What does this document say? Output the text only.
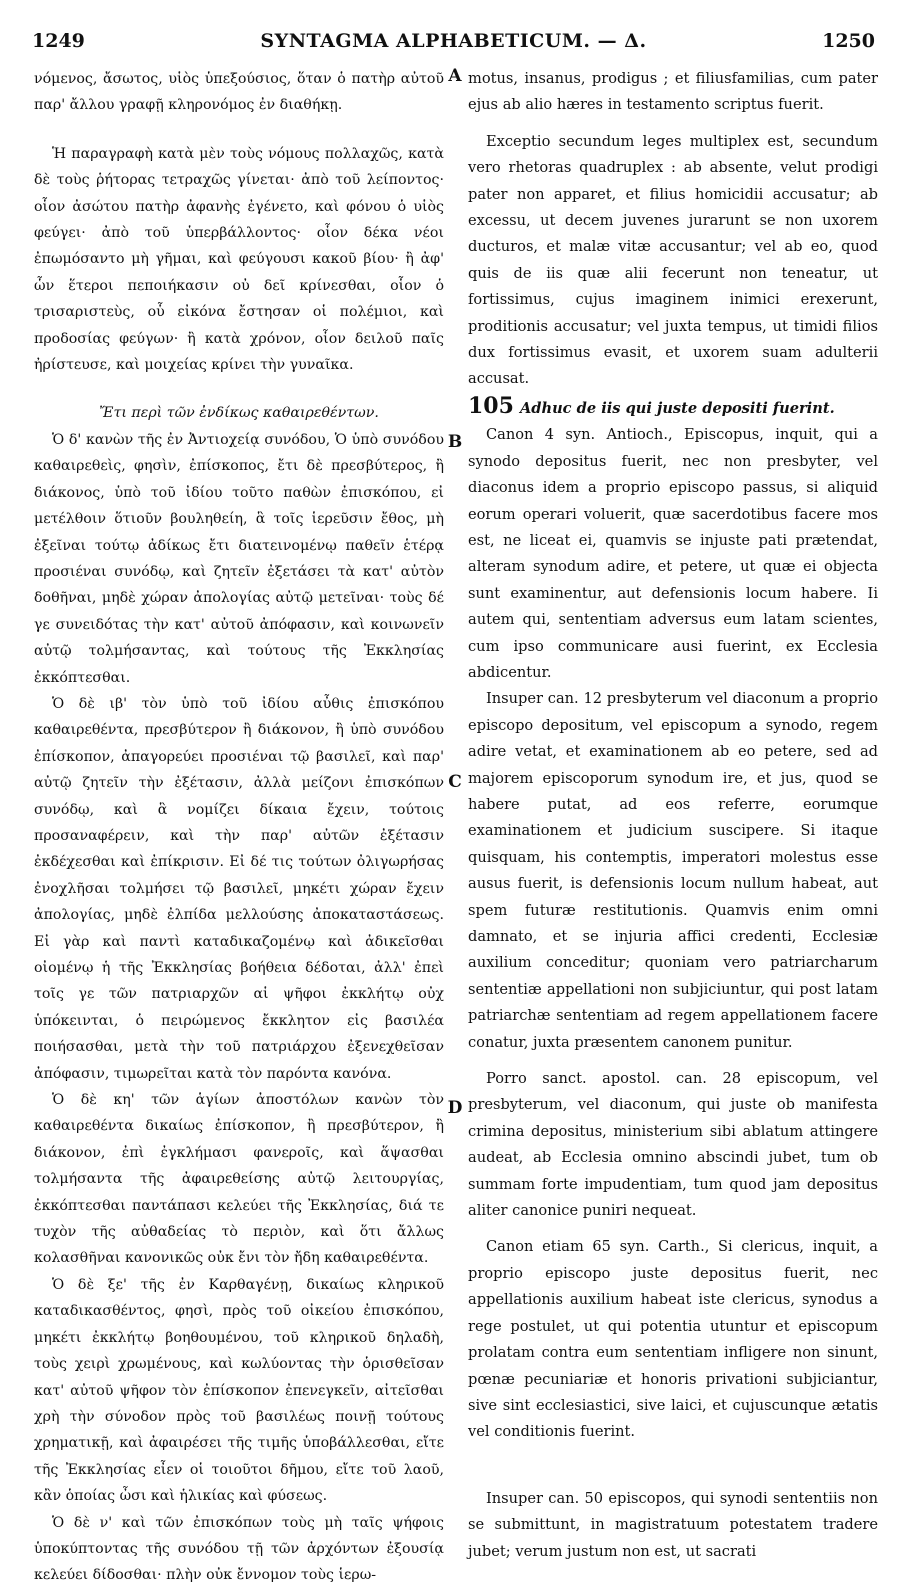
1249	SYNTAGMA ALPHABETICUM. — Δ.	1250
A
B
C
D

νόμενος, ἄσωτος, υἱὸς ὑπεξούσιος, ὅταν ὁ πατὴρ αὐτοῦ παρ' ἄλλου γραφῇ κληρονόμος ἐν διαθήκῃ.

Ἡ παραγραφὴ κατὰ μὲν τοὺς νόμους πολλαχῶς, κατὰ δὲ τοὺς ῥήτορας τετραχῶς γίνεται· ἀπὸ τοῦ λείποντος· οἷον ἀσώτου πατὴρ ἀφανὴς ἐγένετο, καὶ φόνου ὁ υἱὸς φεύγει· ἀπὸ τοῦ ὑπερβάλλοντος· οἷον δέκα νέοι ἐπωμόσαντο μὴ γῆμαι, καὶ φεύγουσι κακοῦ βίου· ἢ ἀφ' ὧν ἕτεροι πεποιήκασιν οὐ δεῖ κρίνεσθαι, οἷον ὁ τρισαριστεὺς, οὗ εἰκόνα ἔστησαν οἱ πολέμιοι, καὶ προδοσίας φεύγων· ἢ κατὰ χρόνον, οἷον δειλοῦ παῖς ἠρίστευσε, καὶ μοιχείας κρίνει τὴν γυναῖκα.

Ἔτι περὶ τῶν ἐνδίκως καθαιρεθέντων.

Ὁ δ' κανὼν τῆς ἐν Ἀντιοχείᾳ συνόδου, Ὁ ὑπὸ συνόδου καθαιρεθεὶς, φησὶν, ἐπίσκοπος, ἔτι δὲ πρεσβύτερος, ἢ διάκονος, ὑπὸ τοῦ ἰδίου τοῦτο παθὼν ἐπισκόπου, εἰ μετέλθοιν ὅτιοῦν βουληθείη, ἃ τοῖς ἱερεῦσιν ἔθος, μὴ ἐξεῖναι τούτῳ ἀδίκως ἔτι διατεινομένῳ παθεῖν ἑτέρᾳ προσιέναι συνόδῳ, καὶ ζητεῖν ἐξετάσει τὰ κατ' αὐτὸν δοθῆναι, μηδὲ χώραν ἀπολογίας αὐτῷ μετεῖναι· τοὺς δέ γε συνειδότας τὴν κατ' αὐτοῦ ἀπόφασιν, καὶ κοινωνεῖν αὐτῷ τολμήσαντας, καὶ τούτους τῆς Ἐκκλησίας ἐκκόπτεσθαι.

Ὁ δὲ ιβ' τὸν ὑπὸ τοῦ ἰδίου αὖθις ἐπισκόπου καθαιρεθέντα, πρεσβύτερον ἢ διάκονον, ἢ ὑπὸ συνόδου ἐπίσκοπον, ἀπαγορεύει προσιέναι τῷ βασιλεῖ, καὶ παρ' αὐτῷ ζητεῖν τὴν ἐξέτασιν, ἀλλὰ μείζονι ἐπισκόπων συνόδῳ, καὶ ἃ νομίζει δίκαια ἔχειν, τούτοις προσαναφέρειν, καὶ τὴν παρ' αὐτῶν ἐξέτασιν ἐκδέχεσθαι καὶ ἐπίκρισιν. Εἰ δέ τις τούτων ὀλιγωρήσας ἐνοχλῆσαι τολμήσει τῷ βασιλεῖ, μηκέτι χώραν ἔχειν ἀπολογίας, μηδὲ ἐλπίδα μελλούσης ἀποκαταστάσεως. Εἰ γὰρ καὶ παντὶ καταδικαζομένῳ καὶ ἀδικεῖσθαι οἰομένῳ ἡ τῆς Ἐκκλησίας βοήθεια δέδοται, ἀλλ' ἐπεὶ τοῖς γε τῶν πατριαρχῶν αἱ ψῆφοι ἐκκλήτῳ οὐχ ὑπόκεινται, ὁ πειρώμενος ἔκκλητον εἰς βασιλέα ποιήσασθαι, μετὰ τὴν τοῦ πατριάρχου ἐξενεχθεῖσαν ἀπόφασιν, τιμωρεῖται κατὰ τὸν παρόντα κανόνα.

Ὁ δὲ κη' τῶν ἁγίων ἀποστόλων κανὼν τὸν καθαιρεθέντα δικαίως ἐπίσκοπον, ἢ πρεσβύτερον, ἢ διάκονον, ἐπὶ ἐγκλήμασι φανεροῖς, καὶ ἅψασθαι τολμήσαντα τῆς ἀφαιρεθείσης αὐτῷ λειτουργίας, ἐκκόπτεσθαι παντάπασι κελεύει τῆς Ἐκκλησίας, διά τε τυχὸν τῆς αὐθαδείας τὸ περιὸν, καὶ ὅτι ἄλλως κολασθῆναι κανονικῶς οὐκ ἔνι τὸν ἤδη καθαιρεθέντα.

Ὁ δὲ ξε' τῆς ἐν Καρθαγένῃ, δικαίως κληρικοῦ καταδικασθέντος, φησὶ, πρὸς τοῦ οἰκείου ἐπισκόπου, μηκέτι ἐκκλήτῳ βοηθουμένου, τοῦ κληρικοῦ δηλαδὴ, τοὺς χειρὶ χρωμένους, καὶ κωλύοντας τὴν ὁρισθεῖσαν κατ' αὐτοῦ ψῆφον τὸν ἐπίσκοπον ἐπενεγκεῖν, αἰτεῖσθαι χρὴ τὴν σύνοδον πρὸς τοῦ βασιλέως ποινῇ τούτους χρηματικῇ, καὶ ἀφαιρέσει τῆς τιμῆς ὑποβάλλεσθαι, εἴτε τῆς Ἐκκλησίας εἶεν οἱ τοιοῦτοι δῆμου, εἴτε τοῦ λαοῦ, κἂν ὁποίας ὦσι καὶ ἡλικίας καὶ φύσεως.

Ὁ δὲ ν' καὶ τῶν ἐπισκόπων τοὺς μὴ ταῖς ψήφοις ὑποκύπτοντας τῆς συνόδου τῇ τῶν ἀρχόντων ἐξουσίᾳ κελεύει δίδοσθαι· πλὴν οὐκ ἔννομον τοὺς ἱερω-

motus, insanus, prodigus ; et filiusfamilias, cum pater ejus ab alio hæres in testamento scriptus fuerit.

Exceptio secundum leges multiplex est, secundum vero rhetoras quadruplex : ab absente, velut prodigi pater non apparet, et filius homicidii accusatur; ab excessu, ut decem juvenes jurarunt se non uxorem ducturos, et malæ vitæ accusantur; vel ab eo, quod quis de iis quæ alii fecerunt non teneatur, ut fortissimus, cujus imaginem inimici erexerunt, proditionis accusatur; vel juxta tempus, ut timidi filios dux fortissimus evasit, et uxorem suam adulterii accusat.

105 Adhuc de iis qui juste depositi fuerint.

Canon 4 syn. Antioch., Episcopus, inquit, qui a synodo depositus fuerit, nec non presbyter, vel diaconus idem a proprio episcopo passus, si aliquid eorum operari voluerit, quæ sacerdotibus facere mos est, ne liceat ei, quamvis se injuste pati prætendat, alteram synodum adire, et petere, ut quæ ei objecta sunt examinentur, aut defensionis locum habere. Ii autem qui, sententiam adversus eum latam scientes, cum ipso communicare ausi fuerint, ex Ecclesia abdicentur.

Insuper can. 12 presbyterum vel diaconum a proprio episcopo depositum, vel episcopum a synodo, regem adire vetat, et examinationem ab eo petere, sed ad majorem episcoporum synodum ire, et jus, quod se habere putat, ad eos referre, eorumque examinationem et judicium suscipere. Si itaque quisquam, his contemptis, imperatori molestus esse ausus fuerit, is defensionis locum nullum habeat, aut spem futuræ restitutionis. Quamvis enim omni damnato, et se injuria affici credenti, Ecclesiæ auxilium conceditur; quoniam vero patriarcharum sententiæ appellationi non subjiciuntur, qui post latam patriarchæ sententiam ad regem appellationem facere conatur, juxta præsentem canonem punitur.

Porro sanct. apostol. can. 28 episcopum, vel presbyterum, vel diaconum, qui juste ob manifesta crimina depositus, ministerium sibi ablatum attingere audeat, ab Ecclesia omnino abscindi jubet, tum ob summam forte impudentiam, tum quod jam depositus aliter canonice puniri nequeat.

Canon etiam 65 syn. Carth., Si clericus, inquit, a proprio episcopo juste depositus fuerit, nec appellationis auxilium habeat iste clericus, synodus a rege postulet, ut qui potentia utuntur et episcopum prolatam contra eum sententiam infligere non sinunt, pœnæ pecuniariæ et honoris privationi subjiciantur, sive sint ecclesiastici, sive laici, et cujuscunque ætatis vel conditionis fuerint.

Insuper can. 50 episcopos, qui synodi sententiis non se submittunt, in magistratuum potestatem tradere jubet; verum justum non est, ut sacrati
